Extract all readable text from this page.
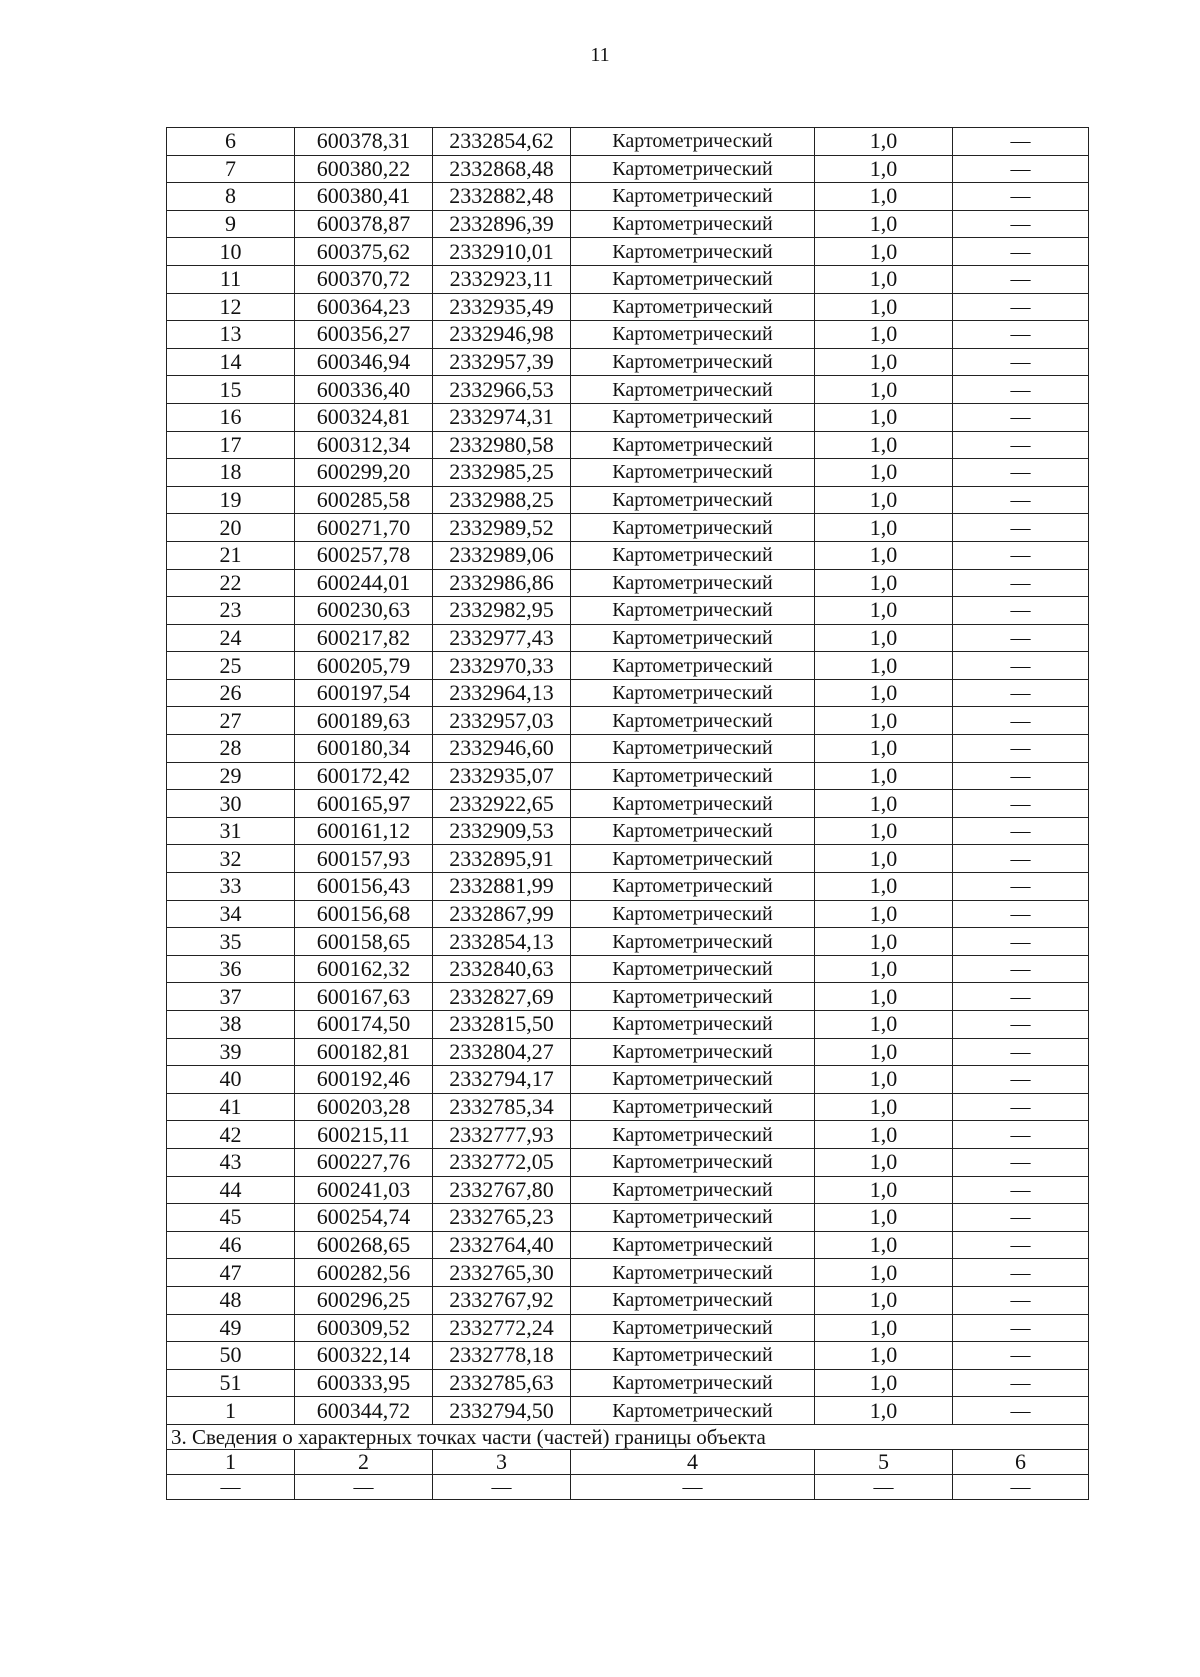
11
6	600378,31	2332854,62	Картометрический	1,0	—
7	600380,22	2332868,48	Картометрический	1,0	—
8	600380,41	2332882,48	Картометрический	1,0	—
9	600378,87	2332896,39	Картометрический	1,0	—
10	600375,62	2332910,01	Картометрический	1,0	—
11	600370,72	2332923,11	Картометрический	1,0	—
12	600364,23	2332935,49	Картометрический	1,0	—
13	600356,27	2332946,98	Картометрический	1,0	—
14	600346,94	2332957,39	Картометрический	1,0	—
15	600336,40	2332966,53	Картометрический	1,0	—
16	600324,81	2332974,31	Картометрический	1,0	—
17	600312,34	2332980,58	Картометрический	1,0	—
18	600299,20	2332985,25	Картометрический	1,0	—
19	600285,58	2332988,25	Картометрический	1,0	—
20	600271,70	2332989,52	Картометрический	1,0	—
21	600257,78	2332989,06	Картометрический	1,0	—
22	600244,01	2332986,86	Картометрический	1,0	—
23	600230,63	2332982,95	Картометрический	1,0	—
24	600217,82	2332977,43	Картометрический	1,0	—
25	600205,79	2332970,33	Картометрический	1,0	—
26	600197,54	2332964,13	Картометрический	1,0	—
27	600189,63	2332957,03	Картометрический	1,0	—
28	600180,34	2332946,60	Картометрический	1,0	—
29	600172,42	2332935,07	Картометрический	1,0	—
30	600165,97	2332922,65	Картометрический	1,0	—
31	600161,12	2332909,53	Картометрический	1,0	—
32	600157,93	2332895,91	Картометрический	1,0	—
33	600156,43	2332881,99	Картометрический	1,0	—
34	600156,68	2332867,99	Картометрический	1,0	—
35	600158,65	2332854,13	Картометрический	1,0	—
36	600162,32	2332840,63	Картометрический	1,0	—
37	600167,63	2332827,69	Картометрический	1,0	—
38	600174,50	2332815,50	Картометрический	1,0	—
39	600182,81	2332804,27	Картометрический	1,0	—
40	600192,46	2332794,17	Картометрический	1,0	—
41	600203,28	2332785,34	Картометрический	1,0	—
42	600215,11	2332777,93	Картометрический	1,0	—
43	600227,76	2332772,05	Картометрический	1,0	—
44	600241,03	2332767,80	Картометрический	1,0	—
45	600254,74	2332765,23	Картометрический	1,0	—
46	600268,65	2332764,40	Картометрический	1,0	—
47	600282,56	2332765,30	Картометрический	1,0	—
48	600296,25	2332767,92	Картометрический	1,0	—
49	600309,52	2332772,24	Картометрический	1,0	—
50	600322,14	2332778,18	Картометрический	1,0	—
51	600333,95	2332785,63	Картометрический	1,0	—
1	600344,72	2332794,50	Картометрический	1,0	—
3. Сведения о характерных точках части (частей) границы объекта					
1	2	3	4	5	6
—	—	—	—	—	—
